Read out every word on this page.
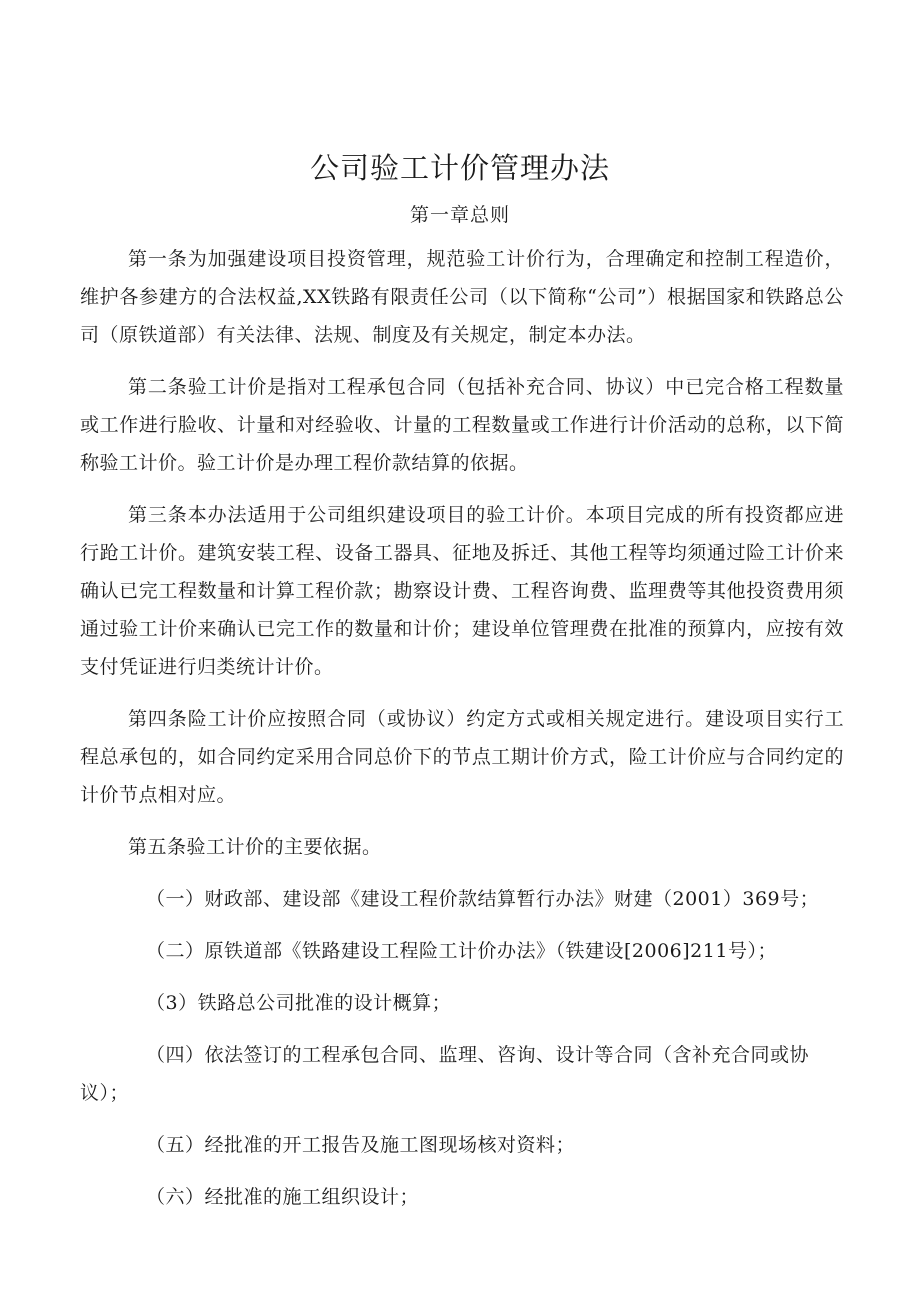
公司验工计价管理办法
第一章总则

第一条为加强建设项目投资管理，规范验工计价行为，合理确定和控制工程造价，维护各参建方的合法权益,XX铁路有限责任公司（以下简称“公司”）根据国家和铁路总公司（原铁道部）有关法律、法规、制度及有关规定，制定本办法。

第二条验工计价是指对工程承包合同（包括补充合同、协议）中已完合格工程数量或工作进行脸收、计量和对经验收、计量的工程数量或工作进行计价活动的总称，以下简称验工计价。验工计价是办理工程价款结算的依据。

第三条本办法适用于公司组织建设项目的验工计价。本项目完成的所有投资都应进行跄工计价。建筑安装工程、设备工器具、征地及拆迁、其他工程等均须通过险工计价来确认已完工程数量和计算工程价款；勘察设计费、工程咨询费、监理费等其他投资费用须通过验工计价来确认已完工作的数量和计价；建设单位管理费在批准的预算内，应按有效支付凭证进行归类统计计价。

第四条险工计价应按照合同（或协议）约定方式或相关规定进行。建设项目实行工程总承包的，如合同约定采用合同总价下的节点工期计价方式，险工计价应与合同约定的计价节点相对应。

第五条验工计价的主要依据。

（一）财政部、建设部《建设工程价款结算暂行办法》财建（2001）369号；

（二）原铁道部《铁路建设工程险工计价办法》（铁建设[2006]211号）；

（3）铁路总公司批准的设计概算；

（四）依法签订的工程承包合同、监理、咨询、设计等合同（含补充合同或协议）；

（五）经批准的开工报告及施工图现场核对资料；

（六）经批准的施工组织设计；
